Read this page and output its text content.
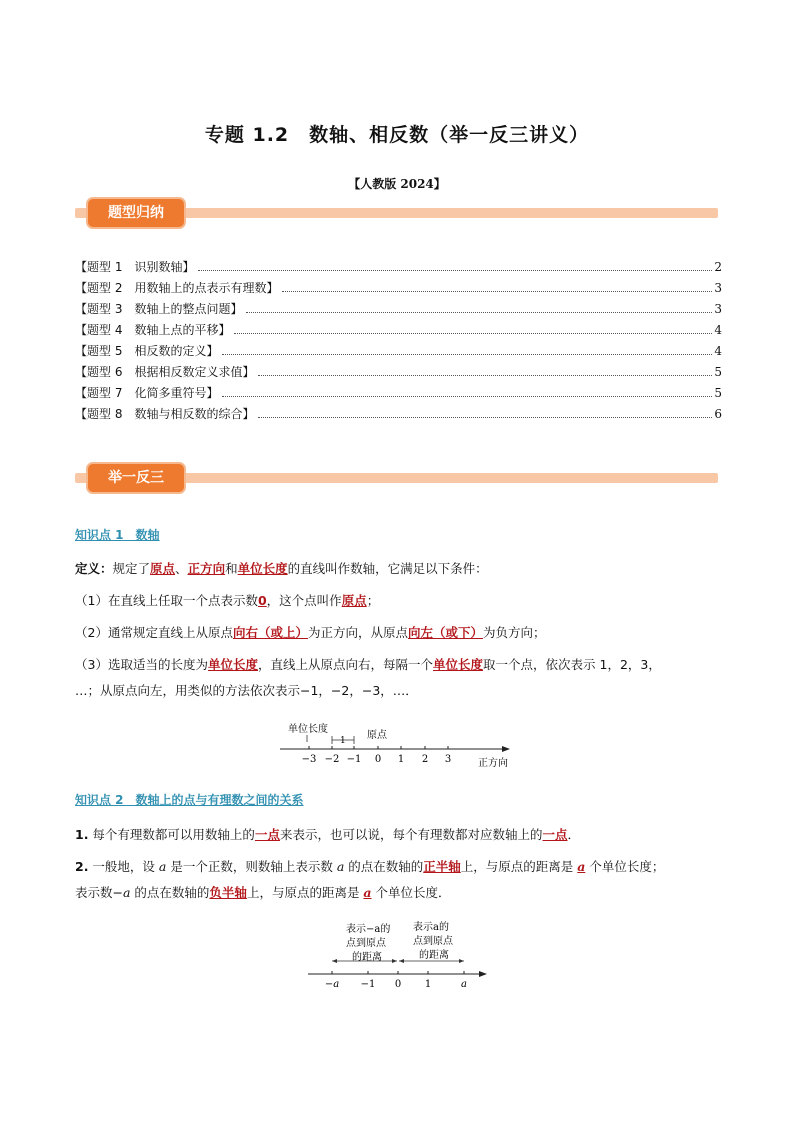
专题 1.2　数轴、相反数（举一反三讲义）
【人教版 2024】
题型归纳
【题型 1　识别数轴】	2
【题型 2　用数轴上的点表示有理数】	3
【题型 3　数轴上的整点问题】	3
【题型 4　数轴上点的平移】	4
【题型 5　相反数的定义】	4
【题型 6　根据相反数定义求值】	5
【题型 7　化简多重符号】	5
【题型 8　数轴与相反数的综合】	6
举一反三
知识点 1　数轴
定义：规定了原点、正方向和单位长度的直线叫作数轴，它满足以下条件：
（1）在直线上任取一个点表示数0，这个点叫作原点；
（2）通常规定直线上从原点向右（或上）为正方向，从原点向左（或下）为负方向；
（3）选取适当的长度为单位长度，直线上从原点向右，每隔一个单位长度取一个点，依次表示 1，2，3，
…；从原点向左，用类似的方法依次表示−1，−2，−3，…．
单位长度
1 原点
−3 −2 −1 0 1 2 3	正方向
知识点 2　数轴上的点与有理数之间的关系
1. 每个有理数都可以用数轴上的一点来表示，也可以说，每个有理数都对应数轴上的一点．
2. 一般地，设 a 是一个正数，则数轴上表示数 a 的点在数轴的正半轴上，与原点的距离是 a 个单位长度；
表示数−a 的点在数轴的负半轴上，与原点的距离是 a 个单位长度．
表示−a的
点到原点
的距离
表示a的
点到原点
的距离
−a −1 0 1	a
